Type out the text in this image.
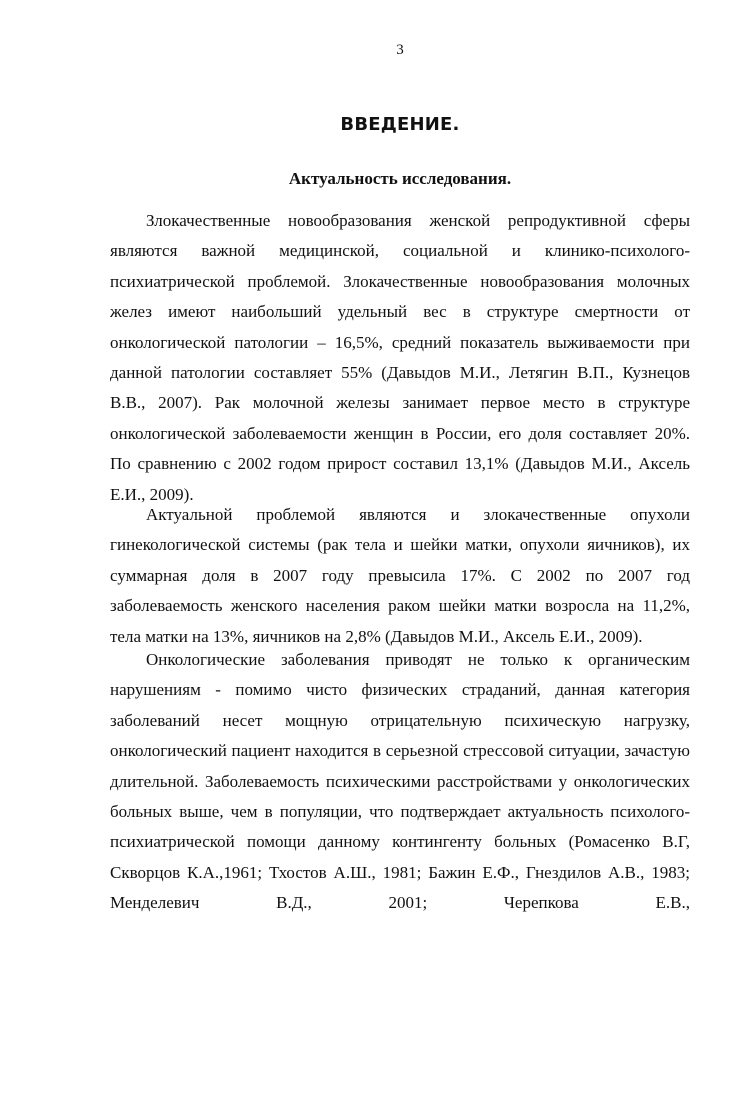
3
ВВЕДЕНИЕ.
Актуальность исследования.

Злокачественные новообразования женской репродуктивной сферы являются важной медицинской, социальной и клинико-психолого-психиатрической проблемой. Злокачественные новообразования молочных желез имеют наибольший удельный вес в структуре смертности от онкологической патологии – 16,5%, средний показатель выживаемости при данной патологии составляет 55% (Давыдов М.И., Летягин В.П., Кузнецов В.В., 2007). Рак молочной железы занимает первое место в структуре онкологической заболеваемости женщин в России, его доля составляет 20%. По сравнению с 2002 годом прирост составил 13,1% (Давыдов М.И., Аксель Е.И., 2009).

Актуальной проблемой являются и злокачественные опухоли гинекологической системы (рак тела и шейки матки, опухоли яичников), их суммарная доля в 2007 году превысила 17%. С 2002 по 2007 год заболеваемость женского населения раком шейки матки возросла на 11,2%, тела матки на 13%, яичников на 2,8% (Давыдов М.И., Аксель Е.И., 2009).

Онкологические заболевания приводят не только к органическим нарушениям - помимо чисто физических страданий, данная категория заболеваний несет мощную отрицательную психическую нагрузку, онкологический пациент находится в серьезной стрессовой ситуации, зачастую длительной. Заболеваемость психическими расстройствами у онкологических больных выше, чем в популяции, что подтверждает актуальность психолого-психиатрической помощи данному контингенту больных (Ромасенко В.Г, Скворцов К.А.,1961; Тхостов А.Ш., 1981; Бажин Е.Ф., Гнездилов А.В., 1983; Менделевич В.Д., 2001; Черепкова Е.В.,
